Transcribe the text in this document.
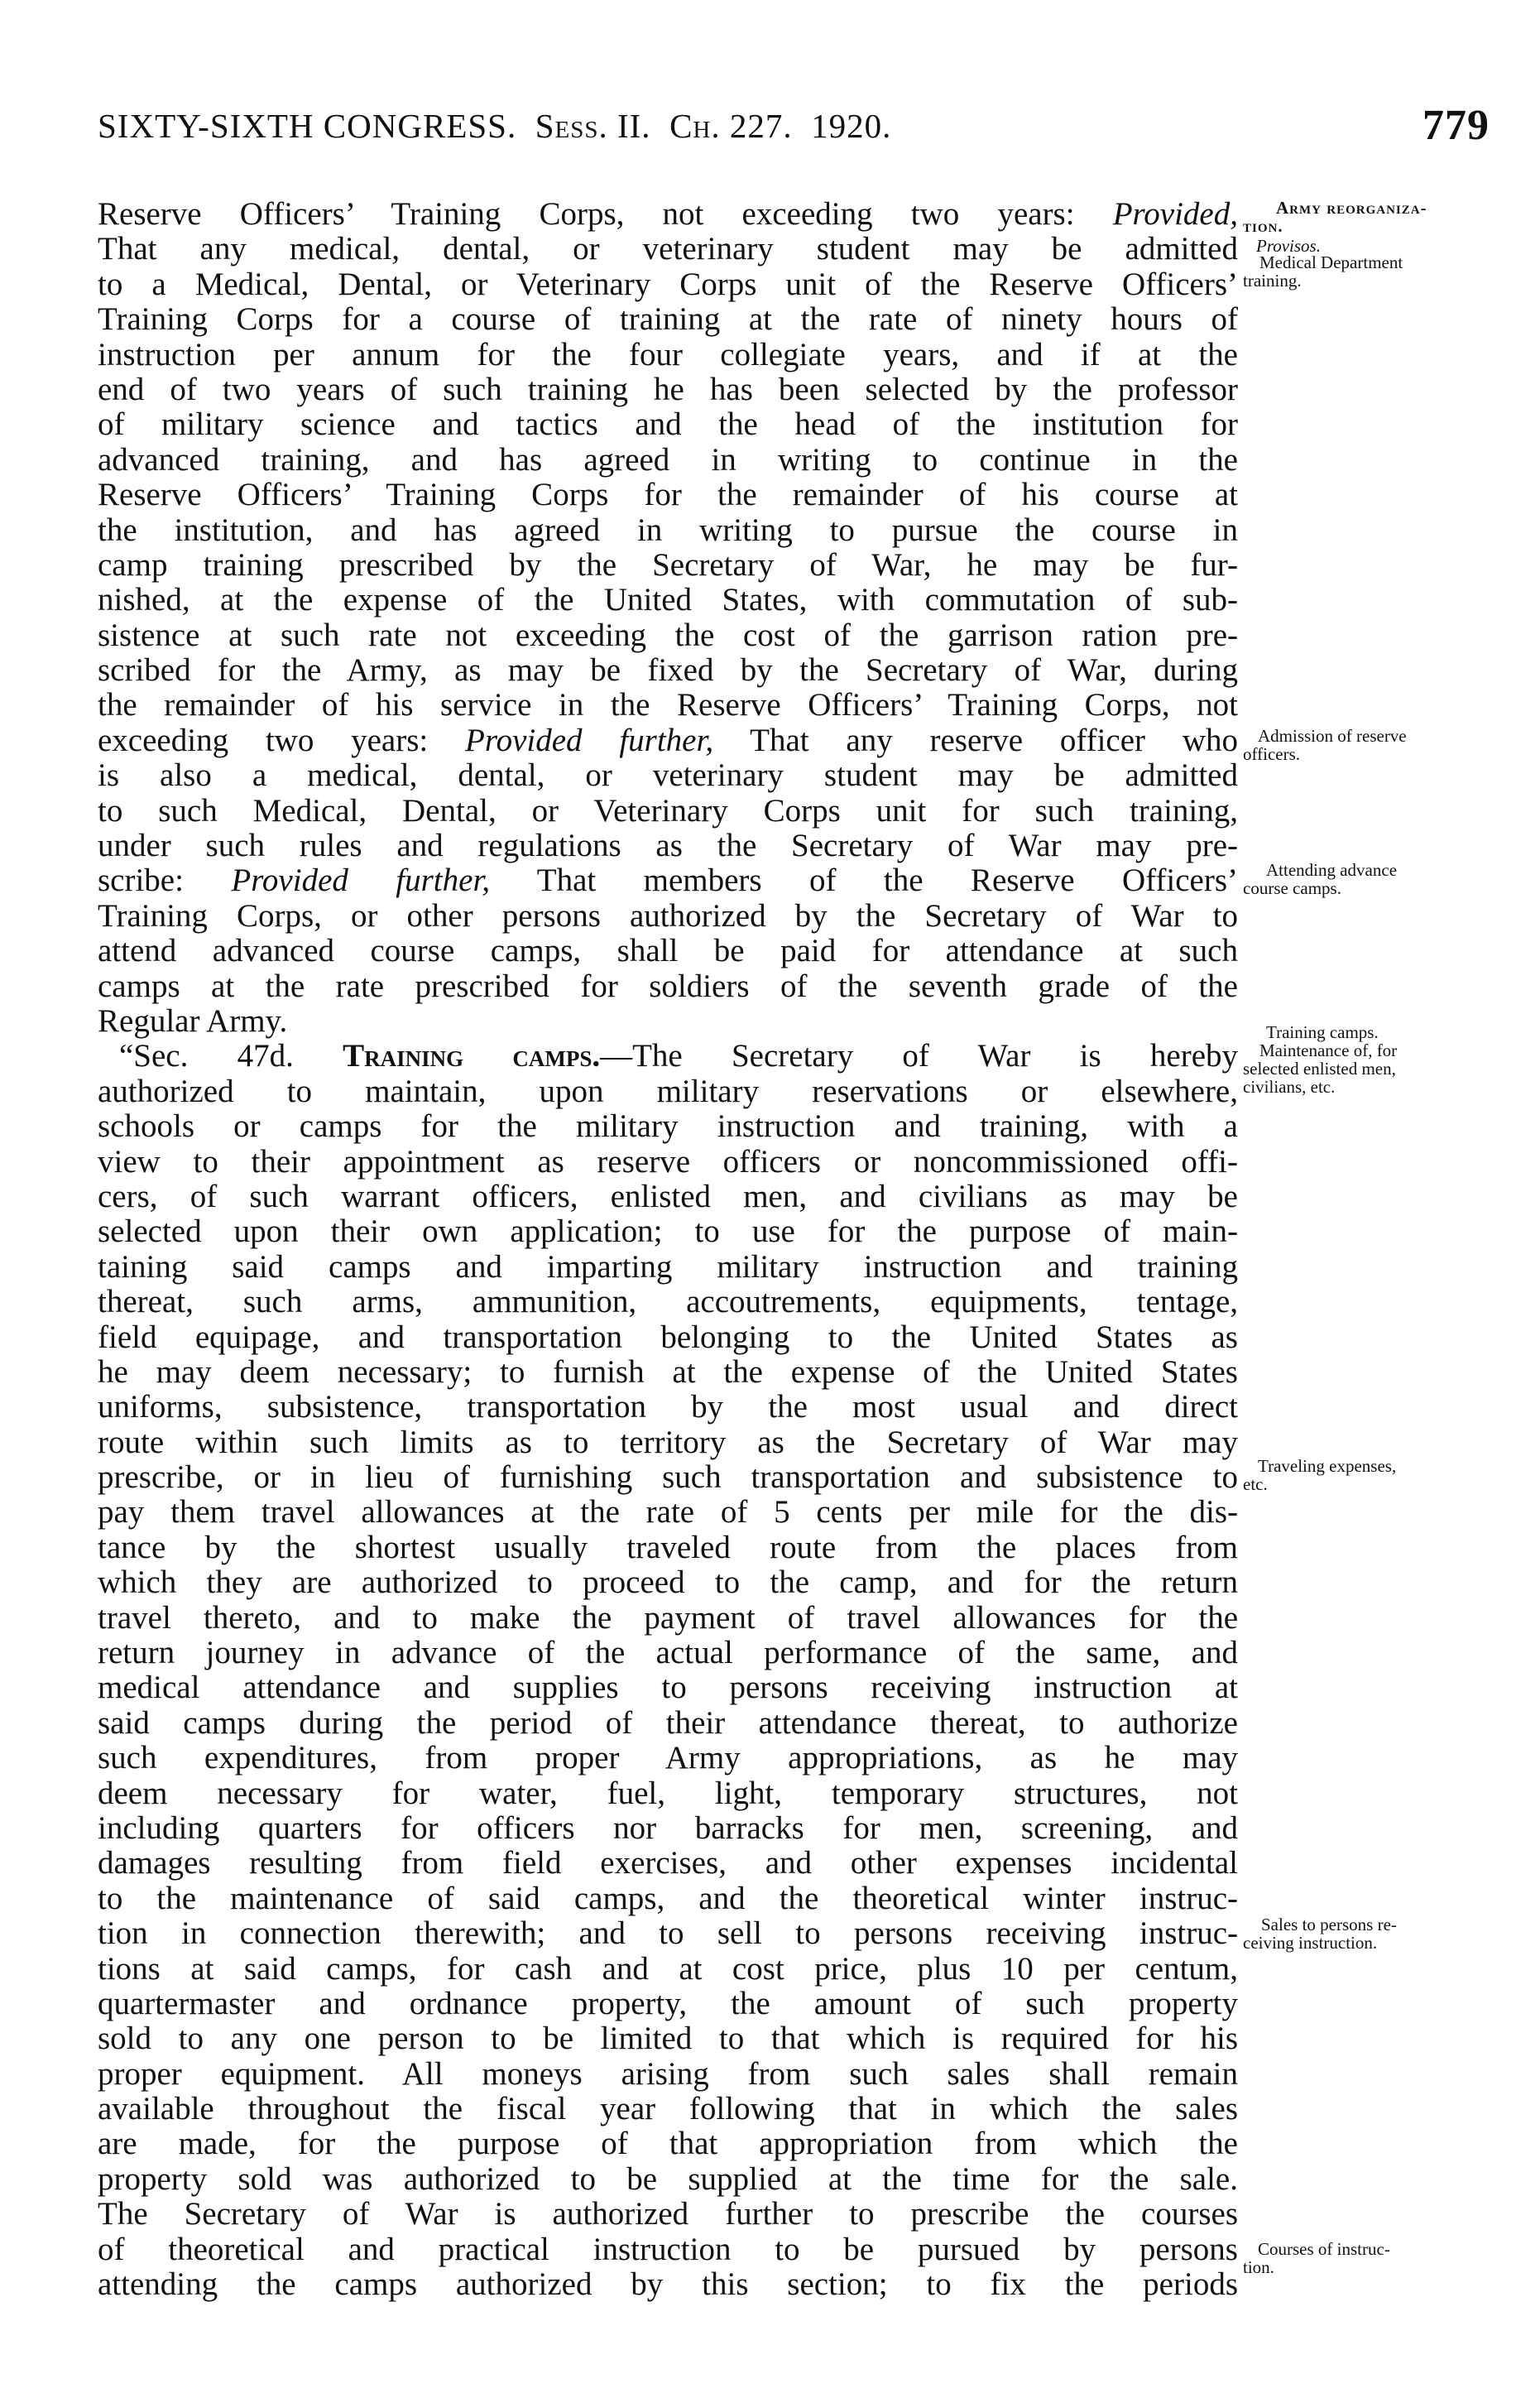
SIXTY-SIXTH CONGRESS. Sess. II. Ch. 227. 1920.	779
Reserve Officers’ Training Corps, not exceeding two years: Provided,
That any medical, dental, or veterinary student may be admitted
to a Medical, Dental, or Veterinary Corps unit of the Reserve Officers’
Training Corps for a course of training at the rate of ninety hours of
instruction per annum for the four collegiate years, and if at the
end of two years of such training he has been selected by the professor
of military science and tactics and the head of the institution for
advanced training, and has agreed in writing to continue in the
Reserve Officers’ Training Corps for the remainder of his course at
the institution, and has agreed in writing to pursue the course in
camp training prescribed by the Secretary of War, he may be fur-
nished, at the expense of the United States, with commutation of sub-
sistence at such rate not exceeding the cost of the garrison ration pre-
scribed for the Army, as may be fixed by the Secretary of War, during
the remainder of his service in the Reserve Officers’ Training Corps, not
exceeding two years: Provided further, That any reserve officer who
is also a medical, dental, or veterinary student may be admitted
to such Medical, Dental, or Veterinary Corps unit for such training,
under such rules and regulations as the Secretary of War may pre-
scribe: Provided further, That members of the Reserve Officers’
Training Corps, or other persons authorized by the Secretary of War to
attend advanced course camps, shall be paid for attendance at such
camps at the rate prescribed for soldiers of the seventh grade of the
Regular Army.
“Sec. 47d. Training camps.—The Secretary of War is hereby
authorized to maintain, upon military reservations or elsewhere,
schools or camps for the military instruction and training, with a
view to their appointment as reserve officers or noncommissioned offi-
cers, of such warrant officers, enlisted men, and civilians as may be
selected upon their own application; to use for the purpose of main-
taining said camps and imparting military instruction and training
thereat, such arms, ammunition, accoutrements, equipments, tentage,
field equipage, and transportation belonging to the United States as
he may deem necessary; to furnish at the expense of the United States
uniforms, subsistence, transportation by the most usual and direct
route within such limits as to territory as the Secretary of War may
prescribe, or in lieu of furnishing such transportation and subsistence to
pay them travel allowances at the rate of 5 cents per mile for the dis-
tance by the shortest usually traveled route from the places from
which they are authorized to proceed to the camp, and for the return
travel thereto, and to make the payment of travel allowances for the
return journey in advance of the actual performance of the same, and
medical attendance and supplies to persons receiving instruction at
said camps during the period of their attendance thereat, to authorize
such expenditures, from proper Army appropriations, as he may
deem necessary for water, fuel, light, temporary structures, not
including quarters for officers nor barracks for men, screening, and
damages resulting from field exercises, and other expenses incidental
to the maintenance of said camps, and the theoretical winter instruc-
tion in connection therewith; and to sell to persons receiving instruc-
tions at said camps, for cash and at cost price, plus 10 per centum,
quartermaster and ordnance property, the amount of such property
sold to any one person to be limited to that which is required for his
proper equipment. All moneys arising from such sales shall remain
available throughout the fiscal year following that in which the sales
are made, for the purpose of that appropriation from which the
property sold was authorized to be supplied at the time for the sale.
The Secretary of War is authorized further to prescribe the courses
of theoretical and practical instruction to be pursued by persons
attending the camps authorized by this section; to fix the periods
Army reorganiza-
tion.
Provisos.
Medical Department
training.
Admission of reserve
officers.
Attending advance
course camps.
Training camps.
Maintenance of, for
selected enlisted men,
civilians, etc.
Traveling expenses,
etc.
Sales to persons re-
ceiving instruction.
Courses of instruc-
tion.
